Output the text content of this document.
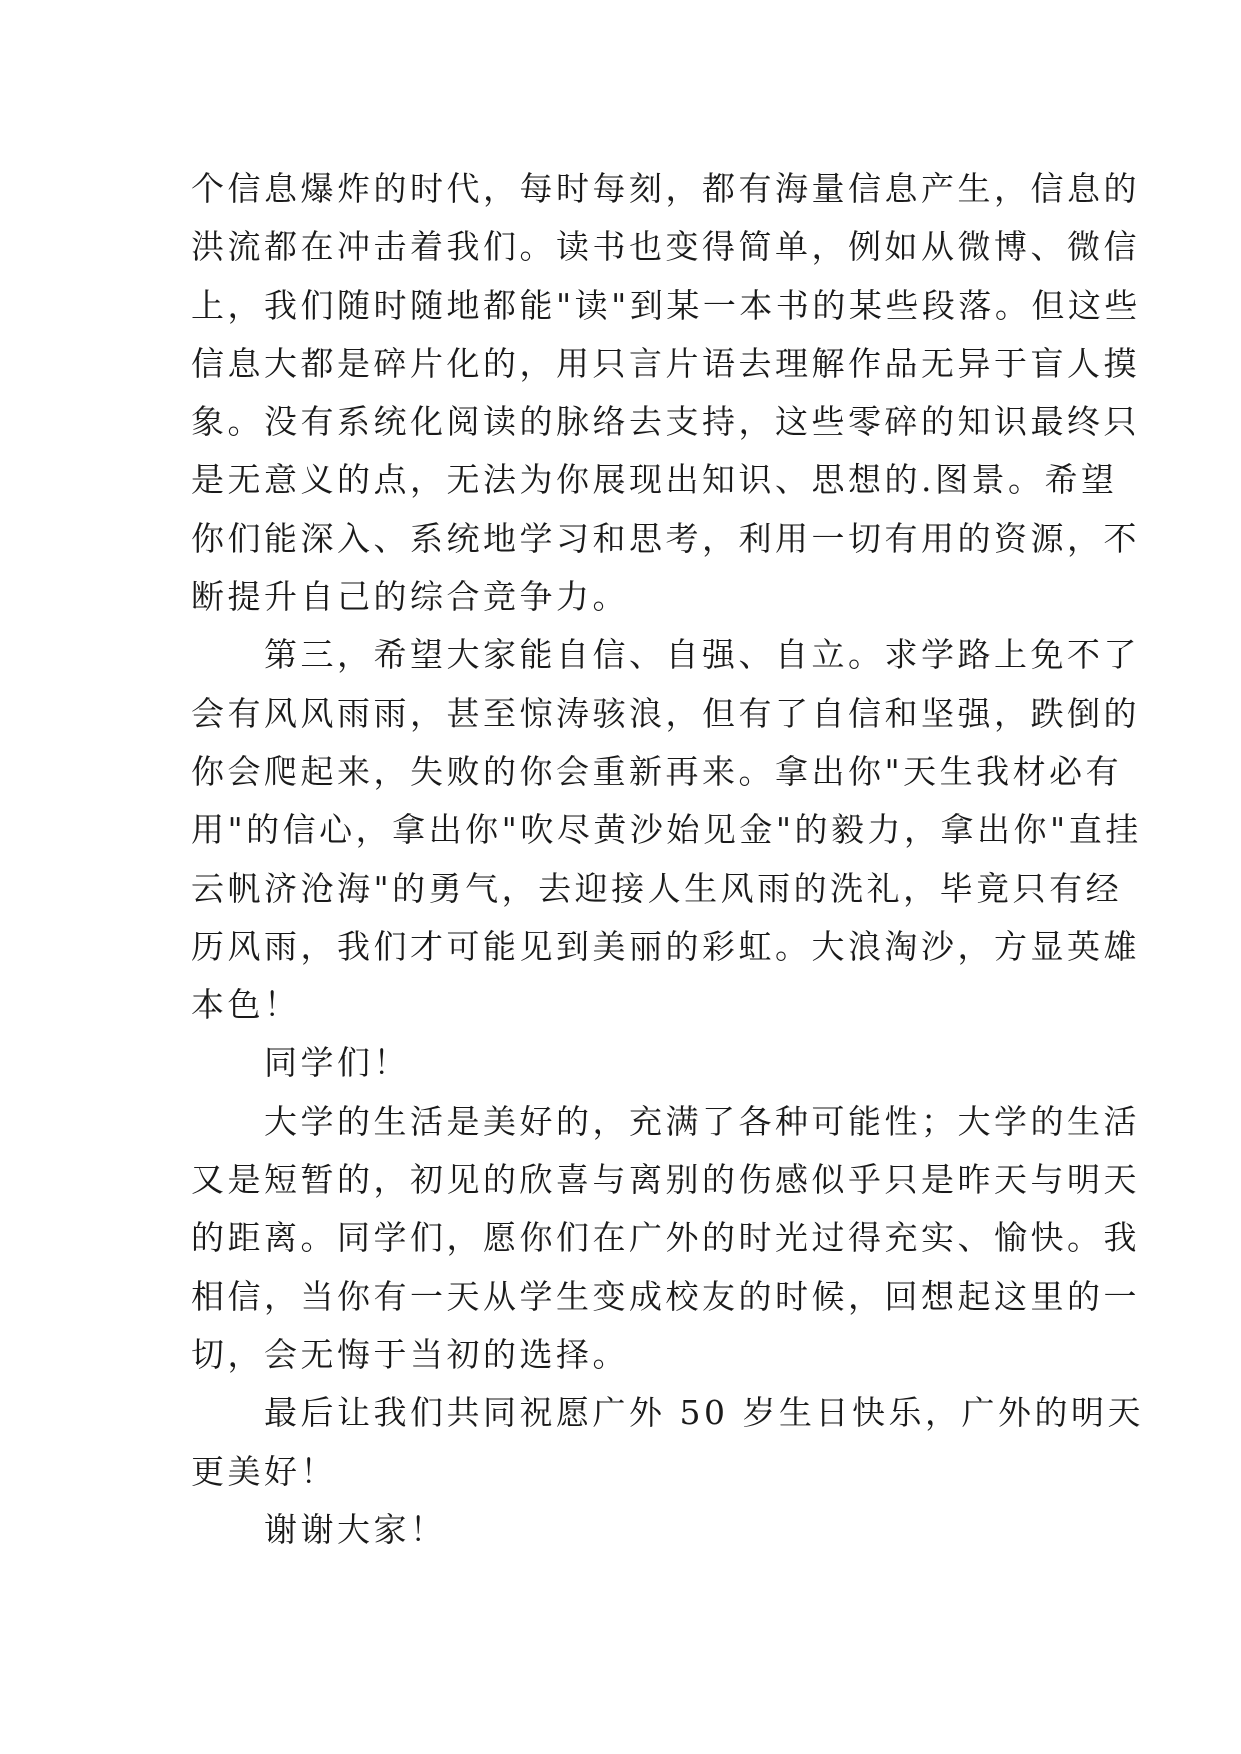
个信息爆炸的时代，每时每刻，都有海量信息产生，信息的
洪流都在冲击着我们。读书也变得简单，例如从微博、微信
上，我们随时随地都能"读"到某一本书的某些段落。但这些
信息大都是碎片化的，用只言片语去理解作品无异于盲人摸
象。没有系统化阅读的脉络去支持，这些零碎的知识最终只
是无意义的点，无法为你展现出知识、思想的.图景。希望
你们能深入、系统地学习和思考，利用一切有用的资源，不
断提升自己的综合竞争力。
　　第三，希望大家能自信、自强、自立。求学路上免不了
会有风风雨雨，甚至惊涛骇浪，但有了自信和坚强，跌倒的
你会爬起来，失败的你会重新再来。拿出你"天生我材必有
用"的信心，拿出你"吹尽黄沙始见金"的毅力，拿出你"直挂
云帆济沧海"的勇气，去迎接人生风雨的洗礼，毕竟只有经
历风雨，我们才可能见到美丽的彩虹。大浪淘沙，方显英雄
本色！
　　同学们！
　　大学的生活是美好的，充满了各种可能性；大学的生活
又是短暂的，初见的欣喜与离别的伤感似乎只是昨天与明天
的距离。同学们，愿你们在广外的时光过得充实、愉快。我
相信，当你有一天从学生变成校友的时候，回想起这里的一
切，会无悔于当初的选择。
　　最后让我们共同祝愿广外 50 岁生日快乐，广外的明天
更美好！
　　谢谢大家！
